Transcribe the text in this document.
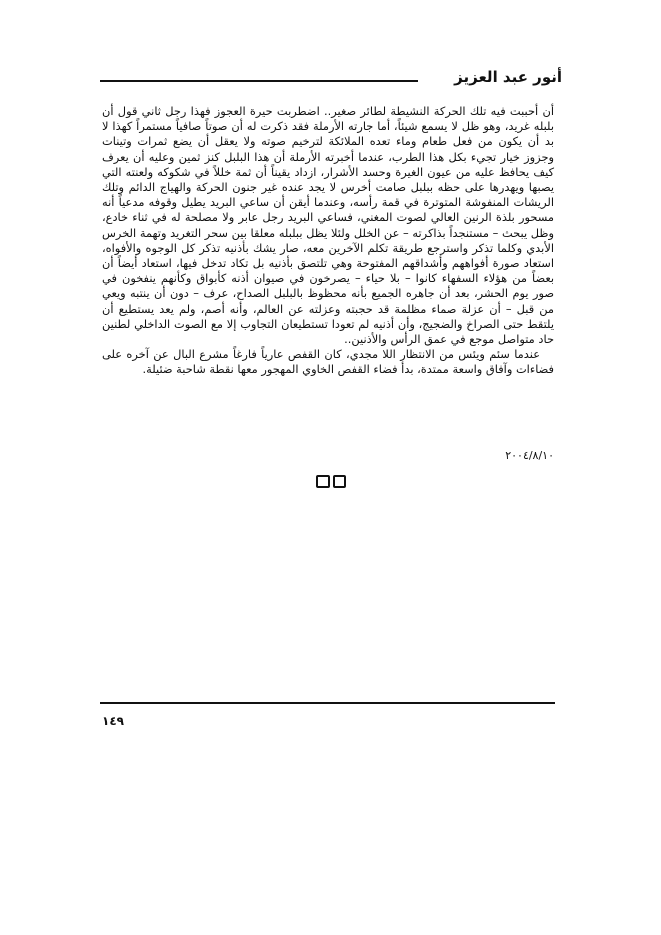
أنور عبد العزيز

أن أحببت فيه تلك الحركة النشيطة لطائر صغير.. اضطربت حيرة العجوز فهذا رجل ثاني قول أن بلبله غريد، وهو ظل لا يسمع شيئاً، أما جارته الأرملة فقد ذكرت له أن صوتاً صافياً مستمراً كهذا لا بد أن يكون من فعل طعام وماء تعده الملائكة لترخيم صوته ولا يعقل أن يضع ثمرات وتينات وجزوز خيار تجيء بكل هذا الطرب، عندما أخبرته الأرملة أن هذا البلبل كنز ثمين وعليه أن يعرف كيف يحافظ عليه من عيون الغيرة وحسد الأشرار، ازداد يقيناً أن ثمة خللاً في شكوكه ولعنته التي يصبها ويهدرها على حظه ببلبل صامت أخرس لا يجد عنده غير جنون الحركة والهياج الدائم وتلك الريشات المنفوشة المتوترة في قمة رأسه، وعندما أيقن أن ساعي البريد يطيل وقوفه مدعياً أنه مسحور بلذة الرنين العالي لصوت المغني، فساعي البريد رجل عابر ولا مصلحة له في ثناء خادع، وظل يبحث – مستنجداً بذاكرته – عن الخلل ولئلا يظل ببلبله معلقا بين سحر التغريد وتهمة الخرس الأبدي وكلما تذكر واسترجع طريقة تكلم الآخرين معه، صار يشك بأذنيه تذكر كل الوجوه والأفواه، استعاد صورة أفواههم وأشداقهم المفتوحة وهي تلتصق بأذنيه بل تكاد تدخل فيها، استعاد أيضاً أن بعضاً من هؤلاء السفهاء كانوا – بلا حياء – يصرخون في صيوان أذنه كأبواق وكأنهم ينفخون في صور يوم الحشر، بعد أن جاهره الجميع بأنه محظوظ بالبلبل الصداح، عرف – دون أن ينتبه ويعي من قبل – أن عزلة صماء مظلمة قد حجبته وعزلته عن العالم، وأنه أصم، ولم يعد يستطيع أن يلتقط حتى الصراخ والضجيج، وأن أذنيه لم تعودا تستطيعان التجاوب إلا مع الصوت الداخلي لطنين حاد متواصل موجع في عمق الرأس والأذنين..

عندما سئم ويئس من الانتظار اللا مجدي، كان القفص عارياً فارغاً مشرع البال عن آخره على فضاءات وآفاق واسعة ممتدة، بدأ فضاء القفص الخاوي المهجور معها نقطة شاحبة ضئيلة.

٢٠٠٤/٨/١٠
١٤٩
